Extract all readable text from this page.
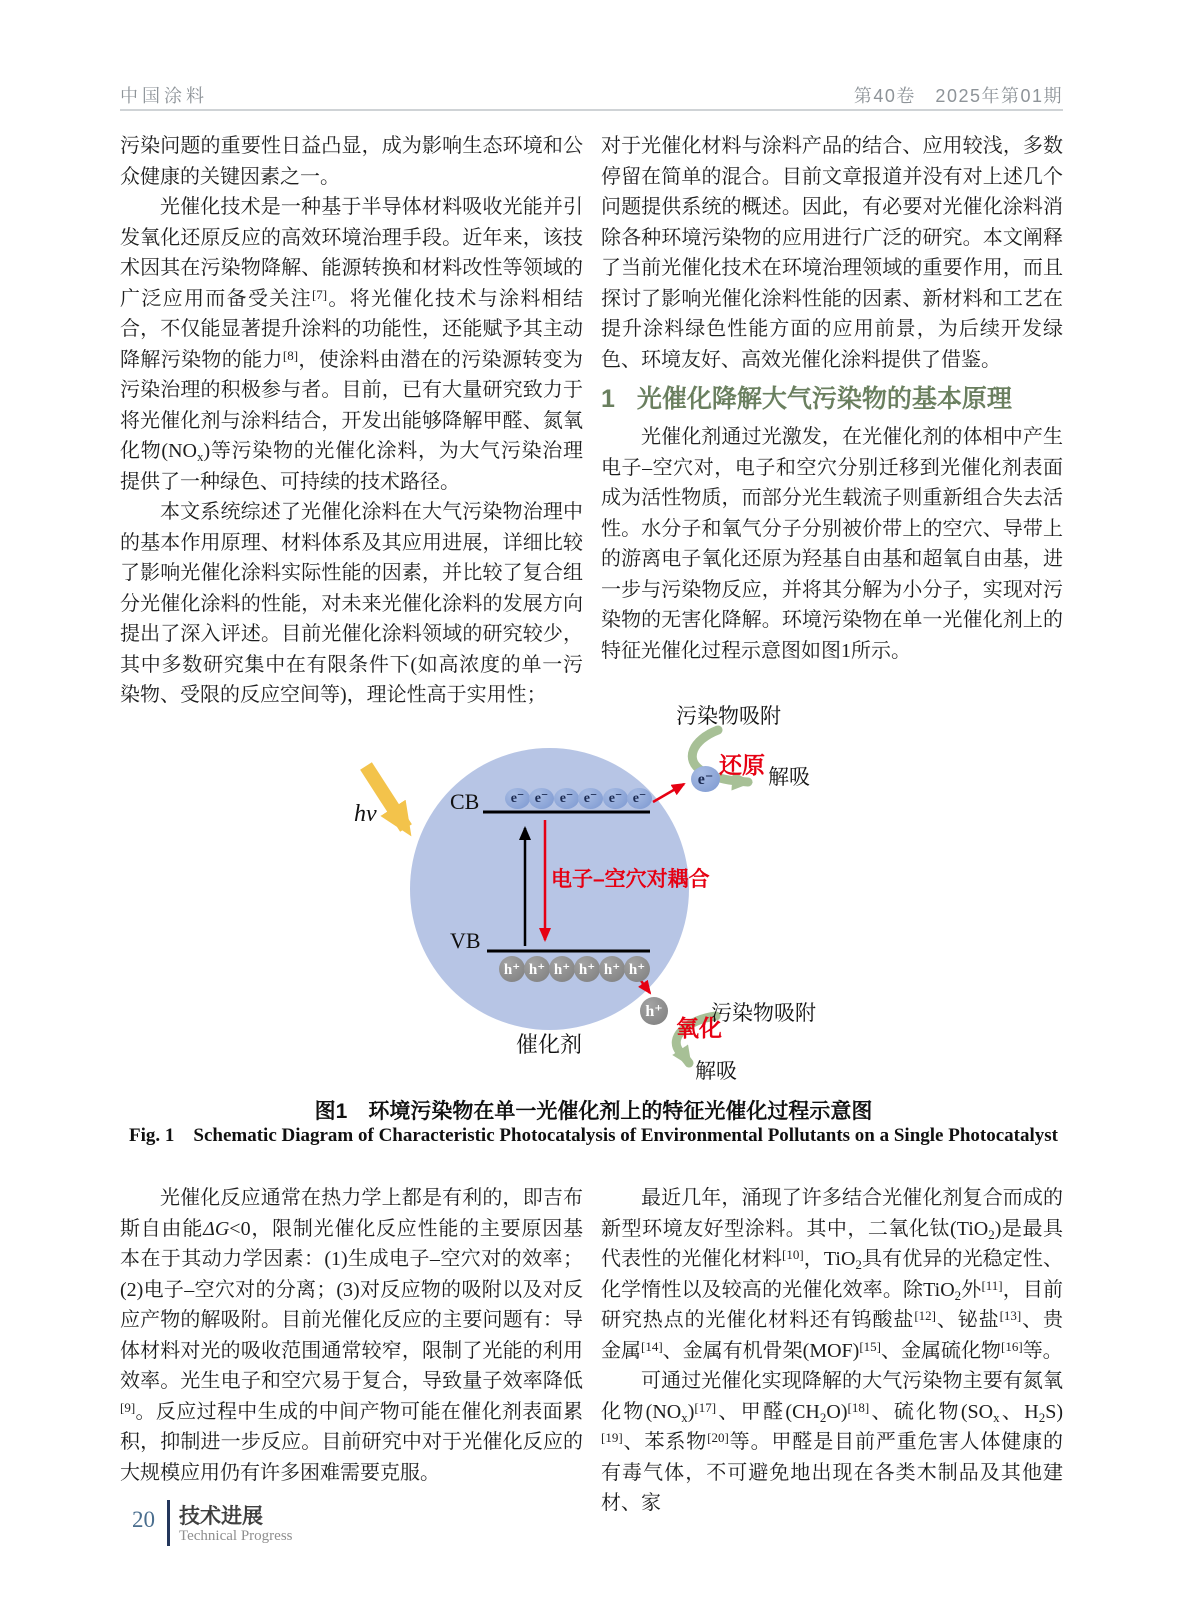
中国涂料	第40卷　2025年第01期

污染问题的重要性日益凸显，成为影响生态环境和公众健康的关键因素之一。

光催化技术是一种基于半导体材料吸收光能并引发氧化还原反应的高效环境治理手段。近年来，该技术因其在污染物降解、能源转换和材料改性等领域的广泛应用而备受关注[7]。将光催化技术与涂料相结合，不仅能显著提升涂料的功能性，还能赋予其主动降解污染物的能力[8]，使涂料由潜在的污染源转变为污染治理的积极参与者。目前，已有大量研究致力于将光催化剂与涂料结合，开发出能够降解甲醛、氮氧化物$(NO_x)$等污染物的光催化涂料，为大气污染治理提供了一种绿色、可持续的技术路径。

本文系统综述了光催化涂料在大气污染物治理中的基本作用原理、材料体系及其应用进展，详细比较了影响光催化涂料实际性能的因素，并比较了复合组分光催化涂料的性能，对未来光催化涂料的发展方向提出了深入评述。目前光催化涂料领域的研究较少，其中多数研究集中在有限条件下(如高浓度的单一污染物、受限的反应空间等)，理论性高于实用性；

对于光催化材料与涂料产品的结合、应用较浅，多数停留在简单的混合。目前文章报道并没有对上述几个问题提供系统的概述。因此，有必要对光催化涂料消除各种环境污染物的应用进行广泛的研究。本文阐释了当前光催化技术在环境治理领域的重要作用，而且探讨了影响光催化涂料性能的因素、新材料和工艺在提升涂料绿色性能方面的应用前景，为后续开发绿色、环境友好、高效光催化涂料提供了借鉴。

1 光催化降解大气污染物的基本原理

光催化剂通过光激发，在光催化剂的体相中产生电子–空穴对，电子和空穴分别迁移到光催化剂表面成为活性物质，而部分光生载流子则重新组合失去活性。水分子和氧气分子分别被价带上的空穴、导带上的游离电子氧化还原为羟基自由基和超氧自由基，进一步与污染物反应，并将其分解为小分子，实现对污染物的无害化降解。环境污染物在单一光催化剂上的特征光催化过程示意图如图1所示。

hν	CB
VB
e⁻ e⁻ e⁻ e⁻ e⁻ e⁻
h⁺ h⁺ h⁺ h⁺ h⁺ h⁺
e⁻
h⁺
电子–空穴对耦合
还原
氧化
污染物吸附
解吸
污染物吸附
解吸
催化剂

图1　环境污染物在单一光催化剂上的特征光催化过程示意图

Fig. 1　Schematic Diagram of Characteristic Photocatalysis of Environmental Pollutants on a Single Photocatalyst

光催化反应通常在热力学上都是有利的，即吉布斯自由能ΔG<0，限制光催化反应性能的主要原因基本在于其动力学因素：(1)生成电子–空穴对的效率；(2)电子–空穴对的分离；(3)对反应物的吸附以及对反应产物的解吸附。目前光催化反应的主要问题有：导体材料对光的吸收范围通常较窄，限制了光能的利用效率。光生电子和空穴易于复合，导致量子效率降低[9]。反应过程中生成的中间产物可能在催化剂表面累积，抑制进一步反应。目前研究中对于光催化反应的大规模应用仍有许多困难需要克服。

最近几年，涌现了许多结合光催化剂复合而成的新型环境友好型涂料。其中，二氧化钛(TiO$_2$)是最具代表性的光催化材料[10]，TiO$_2$具有优异的光稳定性、化学惰性以及较高的光催化效率。除TiO$_2$外[11]，目前研究热点的光催化材料还有钨酸盐[12]、铋盐[13]、贵金属[14]、金属有机骨架(MOF)[15]、金属硫化物[16]等。

可通过光催化实现降解的大气污染物主要有氮氧化物$(NO_x)[17]$、甲醛$(CH_2O)[18]$、硫化物($SO_x$、$H_2S)[19]$、苯系物[20]等。甲醛是目前严重危害人体健康的有毒气体，不可避免地出现在各类木制品及其他建材、家

20 技术进展
Technical Progress
